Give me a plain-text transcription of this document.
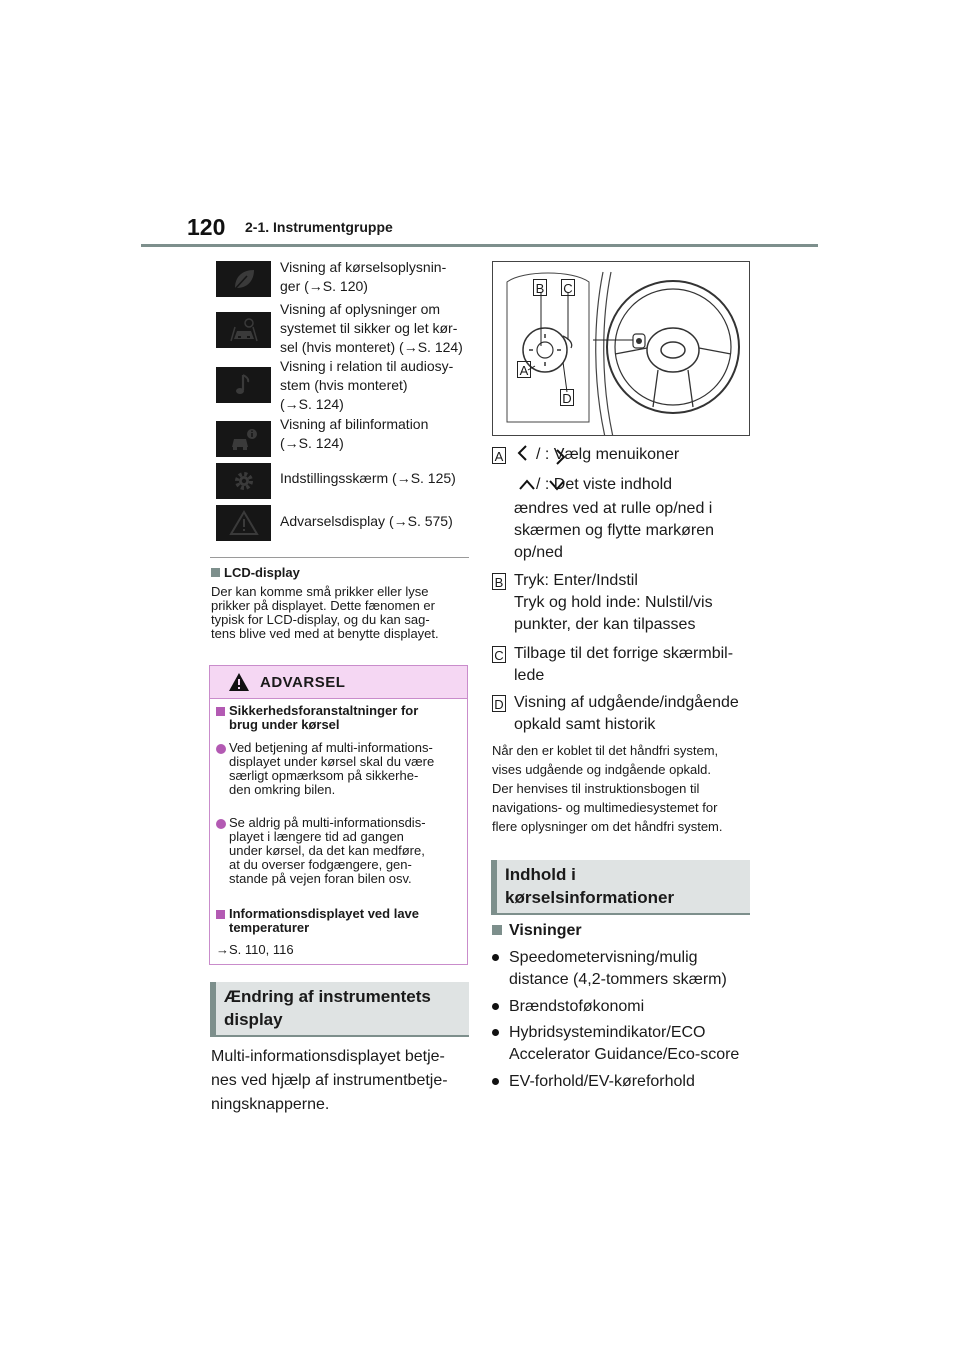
120 2-1. Instrumentgruppe
Visning af kørselsoplysnin-
ger (→S. 120)
Visning af oplysninger om
systemet til sikker og let kør-
sel (hvis monteret) (→S. 124)
Visning i relation til audiosy-
stem (hvis monteret)
(→S. 124)
Visning af bilinformation
(→S. 124)
Indstillingsskærm (→S. 125)
Advarselsdisplay (→S. 575)
LCD-display
Der kan komme små prikker eller lyse
prikker på displayet. Dette fænomen er
typisk for LCD-display, og du kan sag-
tens blive ved med at benytte displayet.
ADVARSEL
Sikkerhedsforanstaltninger for
brug under kørsel
Ved betjening af multi-informations-
displayet under kørsel skal du være
særligt opmærksom på sikkerhe-
den omkring bilen.
Se aldrig på multi-informationsdis-
playet i længere tid ad gangen
under kørsel, da det kan medføre,
at du overser fodgængere, gen-
stande på vejen foran bilen osv.
Informationsdisplayet ved lave
temperaturer
→S. 110, 116
Ændring af instrumentets
display
Multi-informationsdisplayet betje-
nes ved hjælp af instrumentbetje-
ningsknapperne.
B C
A
D
A / : Vælg menuikoner
/ : Det viste indhold
ændres ved at rulle op/ned i
skærmen og flytte markøren
op/ned
B Tryk: Enter/Indstil
Tryk og hold inde: Nulstil/vis
punkter, der kan tilpasses
C Tilbage til det forrige skærmbil-
lede
D Visning af udgående/indgående
opkald samt historik
Når den er koblet til det håndfri system,
vises udgående og indgående opkald.
Der henvises til instruktionsbogen til
navigations- og multimediesystemet for
flere oplysninger om det håndfri system.
Indhold i
kørselsinformationer
Visninger
Speedometervisning/mulig
distance (4,2-tommers skærm)
Brændstoføkonomi
Hybridsystemindikator/ECO
Accelerator Guidance/Eco-score
EV-forhold/EV-køreforhold
